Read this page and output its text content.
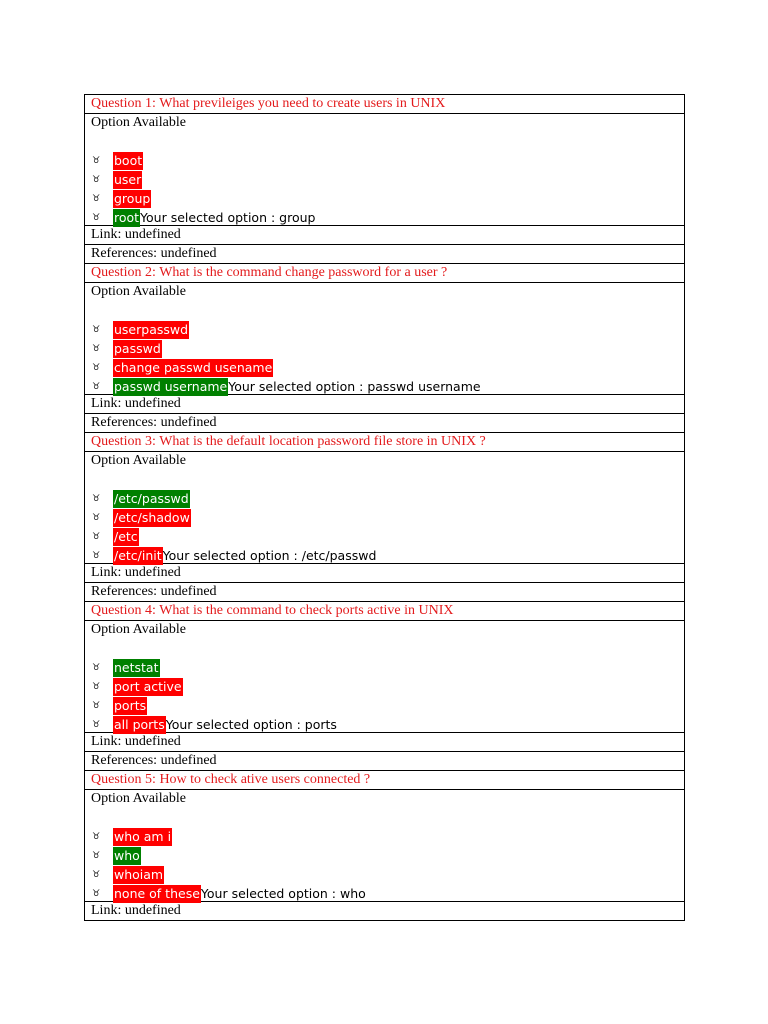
Question 1: What previleiges you need to create users in UNIX
Option Available
♉	boot
♉	user
♉	group
♉	root Your selected option : group
Link: undefined
References: undefined
Question 2: What is the command change password for a user ?
Option Available
♉	userpasswd
♉	passwd
♉	change passwd usename
♉	passwd username Your selected option : passwd username
Link: undefined
References: undefined
Question 3: What is the default location password file store in UNIX ?
Option Available
♉	/etc/passwd
♉	/etc/shadow
♉	/etc
♉	/etc/init Your selected option : /etc/passwd
Link: undefined
References: undefined
Question 4: What is the command to check ports active in UNIX
Option Available
♉	netstat
♉	port active
♉	ports
♉	all ports Your selected option : ports
Link: undefined
References: undefined
Question 5: How to check ative users connected ?
Option Available
♉	who am i
♉	who
♉	whoiam
♉	none of these Your selected option : who
Link: undefined
